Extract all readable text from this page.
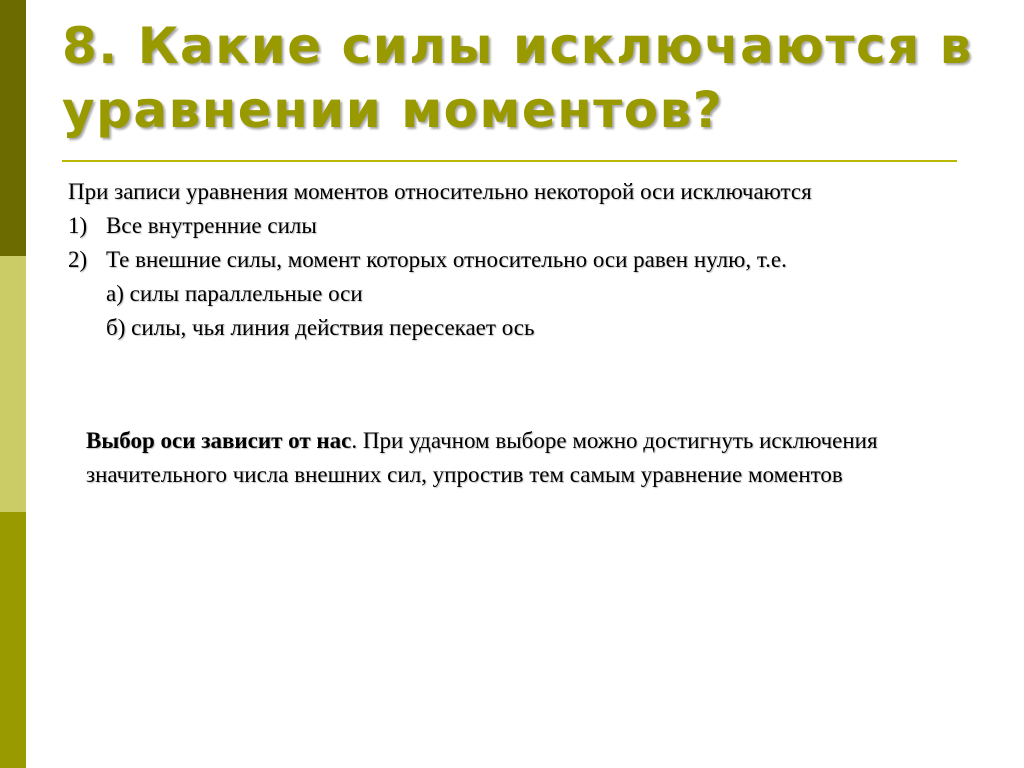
8. Какие силы исключаются в уравнении моментов?

При записи уравнения моментов относительно некоторой оси исключаются

1) Все внутренние силы

2) Те внешние силы, момент которых относительно оси равен нулю, т.е.

а) силы параллельные оси

б) силы, чья линия действия пересекает ось

Выбор оси зависит от нас. При удачном выборе можно достигнуть исключения значительного числа внешних сил, упростив тем самым уравнение моментов
